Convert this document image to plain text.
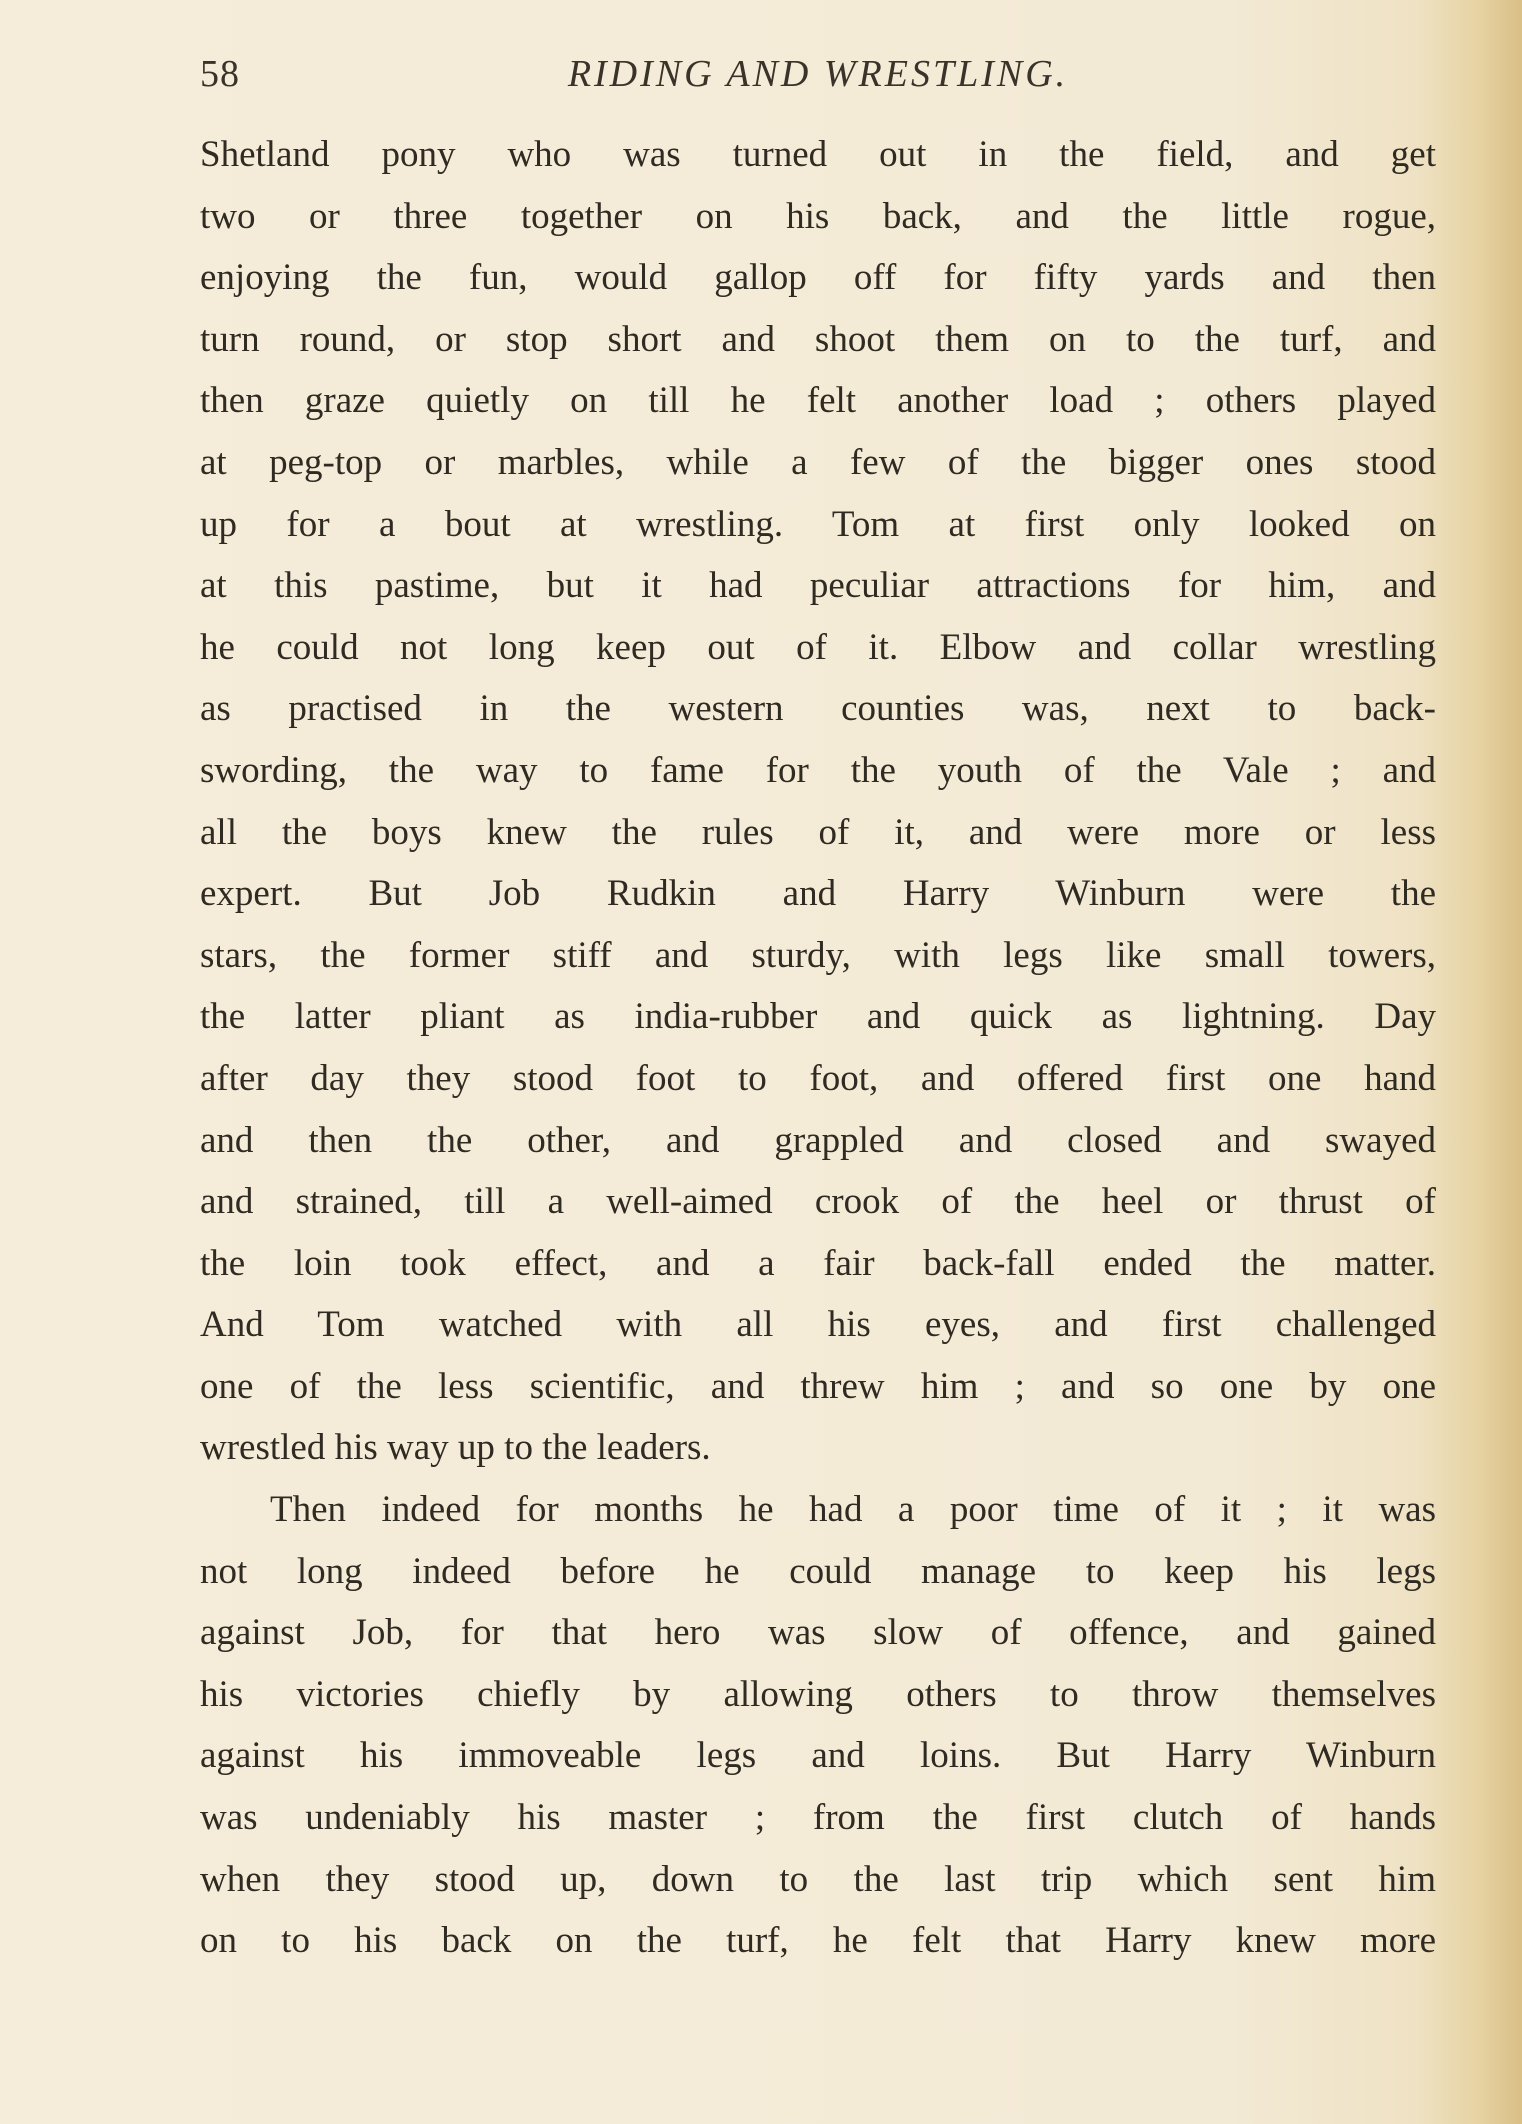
58	RIDING AND WRESTLING.
Shetland pony who was turned out in the field, and get
two or three together on his back, and the little rogue,
enjoying the fun, would gallop off for fifty yards and then
turn round, or stop short and shoot them on to the turf, and
then graze quietly on till he felt another load ; others played
at peg-top or marbles, while a few of the bigger ones stood
up for a bout at wrestling. Tom at first only looked on
at this pastime, but it had peculiar attractions for him, and
he could not long keep out of it. Elbow and collar wrestling
as practised in the western counties was, next to back-
swording, the way to fame for the youth of the Vale ; and
all the boys knew the rules of it, and were more or less
expert. But Job Rudkin and Harry Winburn were the
stars, the former stiff and sturdy, with legs like small towers,
the latter pliant as india-rubber and quick as lightning. Day
after day they stood foot to foot, and offered first one hand
and then the other, and grappled and closed and swayed
and strained, till a well-aimed crook of the heel or thrust of
the loin took effect, and a fair back-fall ended the matter.
And Tom watched with all his eyes, and first challenged
one of the less scientific, and threw him ; and so one by one
wrestled his way up to the leaders.
Then indeed for months he had a poor time of it ; it was
not long indeed before he could manage to keep his legs
against Job, for that hero was slow of offence, and gained
his victories chiefly by allowing others to throw themselves
against his immoveable legs and loins. But Harry Winburn
was undeniably his master ; from the first clutch of hands
when they stood up, down to the last trip which sent him
on to his back on the turf, he felt that Harry knew more
